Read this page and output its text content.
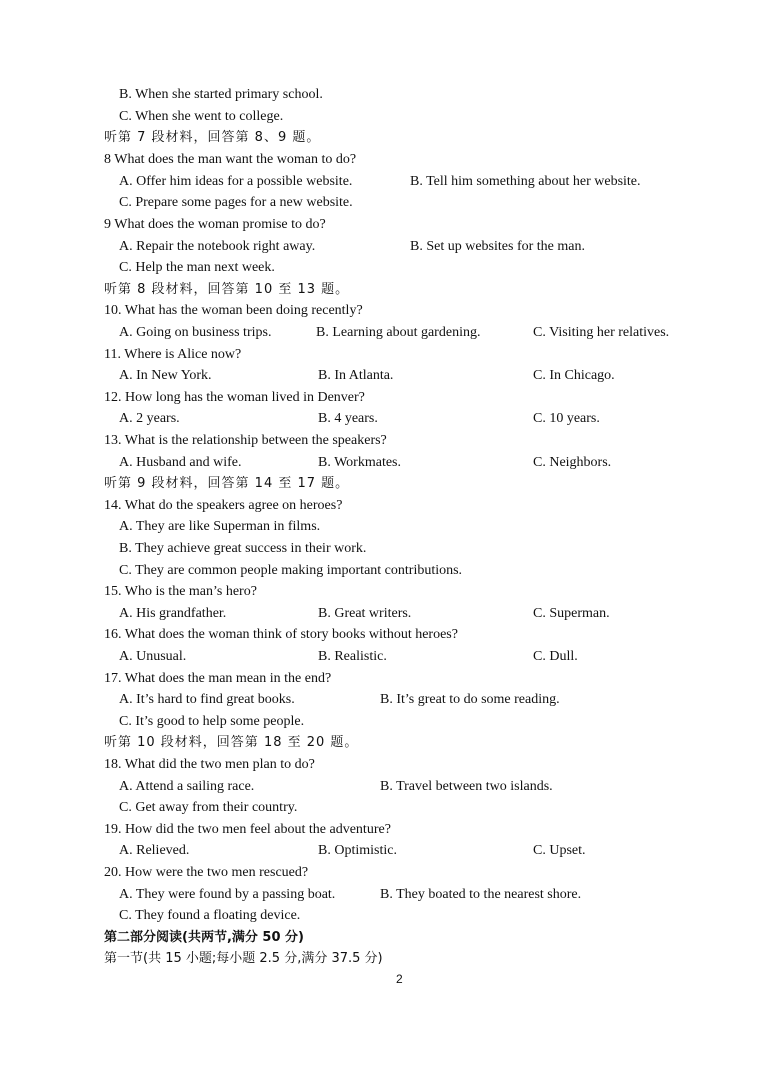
B. When she started primary school.
C. When she went to college.
听第 7 段材料，回答第 8、9 题。
8 What does the man want the woman to do?
A. Offer him ideas for a possible website.	B. Tell him something about her website.
C. Prepare some pages for a new website.
9 What does the woman promise to do?
A. Repair the notebook right away.	B. Set up websites for the man.
C. Help the man next week.
听第 8 段材料，回答第 10 至 13 题。
10. What has the woman been doing recently?
A. Going on business trips.	B. Learning about gardening.	C. Visiting her relatives.
11. Where is Alice now?
A. In New York.	B. In Atlanta.	C. In Chicago.
12. How long has the woman lived in Denver?
A. 2 years.	B. 4 years.	C. 10 years.
13. What is the relationship between the speakers?
A. Husband and wife.	B. Workmates.	C. Neighbors.
听第 9 段材料，回答第 14 至 17 题。
14. What do the speakers agree on heroes?
A. They are like Superman in films.
B. They achieve great success in their work.
C. They are common people making important contributions.
15. Who is the man’s hero?
A. His grandfather.	B. Great writers.	C. Superman.
16. What does the woman think of story books without heroes?
A. Unusual.	B. Realistic.	C. Dull.
17. What does the man mean in the end?
A. It’s hard to find great books.	B. It’s great to do some reading.
C. It’s good to help some people.
听第 10 段材料，回答第 18 至 20 题。
18. What did the two men plan to do?
A. Attend a sailing race.	B. Travel between two islands.
C. Get away from their country.
19. How did the two men feel about the adventure?
A. Relieved.	B. Optimistic.	C. Upset.
20. How were the two men rescued?
A. They were found by a passing boat.	B. They boated to the nearest shore.
C. They found a floating device.
第二部分阅读(共两节,满分 50 分)
第一节(共 15 小题;每小题 2.5 分,满分 37.5 分)
2
